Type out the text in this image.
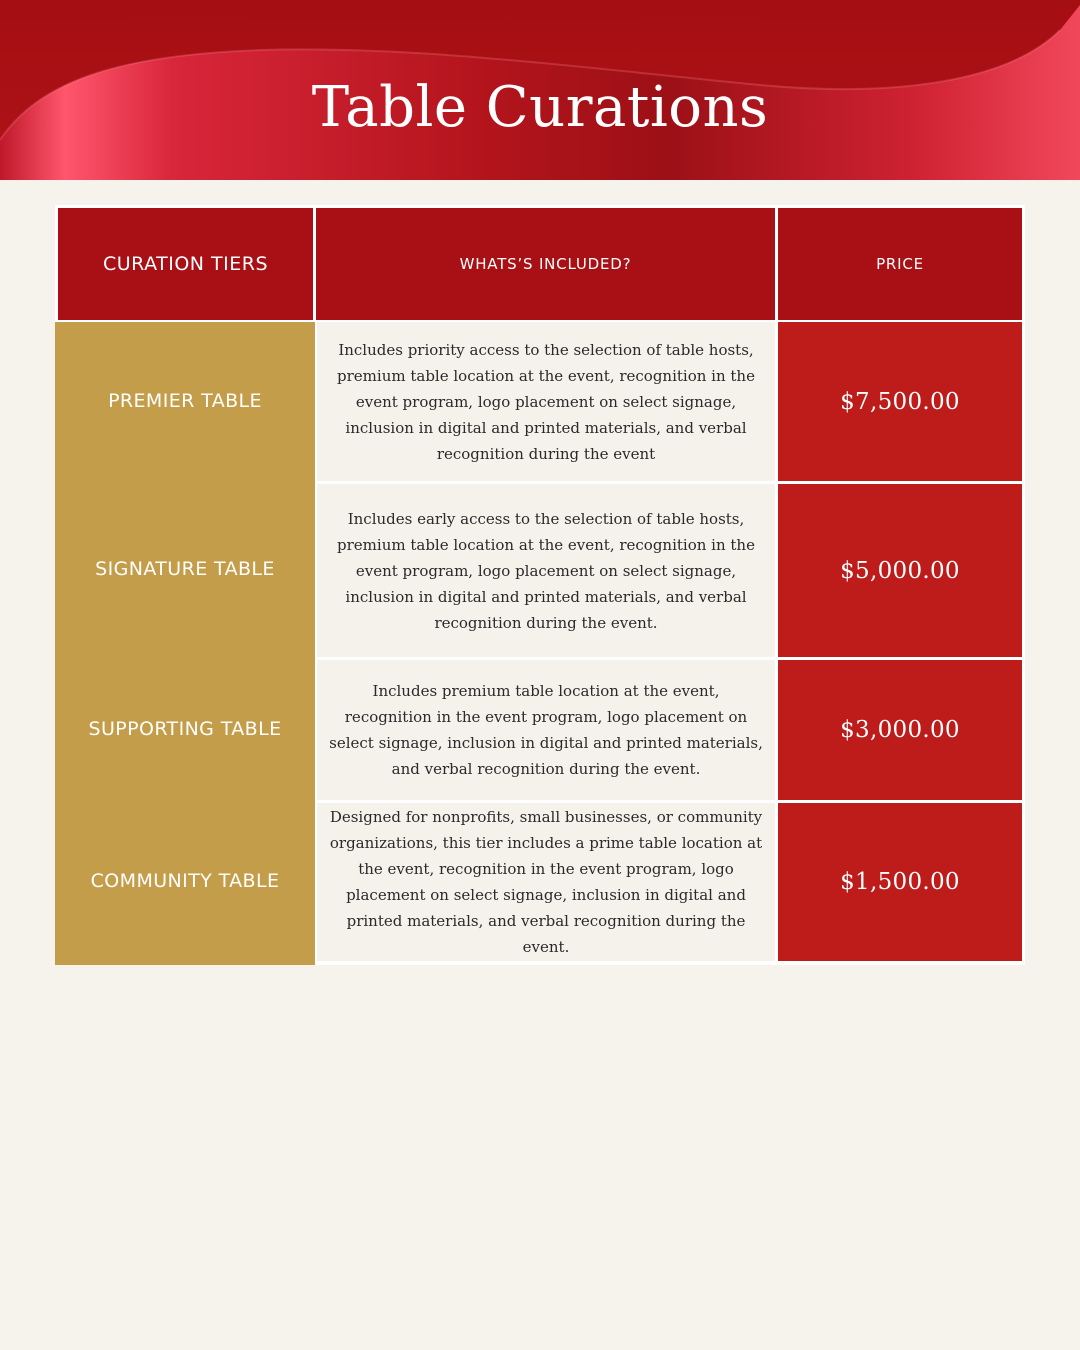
Table Curations
CURATION TIERS	WHATS’S INCLUDED?	PRICE
PREMIER TABLE
SIGNATURE TABLE
SUPPORTING TABLE
COMMUNITY TABLE
Includes priority access to the selection of table hosts, premium table location at the event, recognition in the event program, logo placement on select signage, inclusion in digital and printed materials, and verbal recognition during the event
$7,500.00
Includes early access to the selection of table hosts, premium table location at the event, recognition in the event program, logo placement on select signage, inclusion in digital and printed materials, and verbal recognition during the event.
$5,000.00
Includes premium table location at the event, recognition in the event program, logo placement on select signage, inclusion in digital and printed materials, and verbal recognition during the event.
$3,000.00
Designed for nonprofits, small businesses, or community organizations, this tier includes a prime table location at the event, recognition in the event program, logo placement on select signage, inclusion in digital and printed materials, and verbal recognition during the event.
$1,500.00
